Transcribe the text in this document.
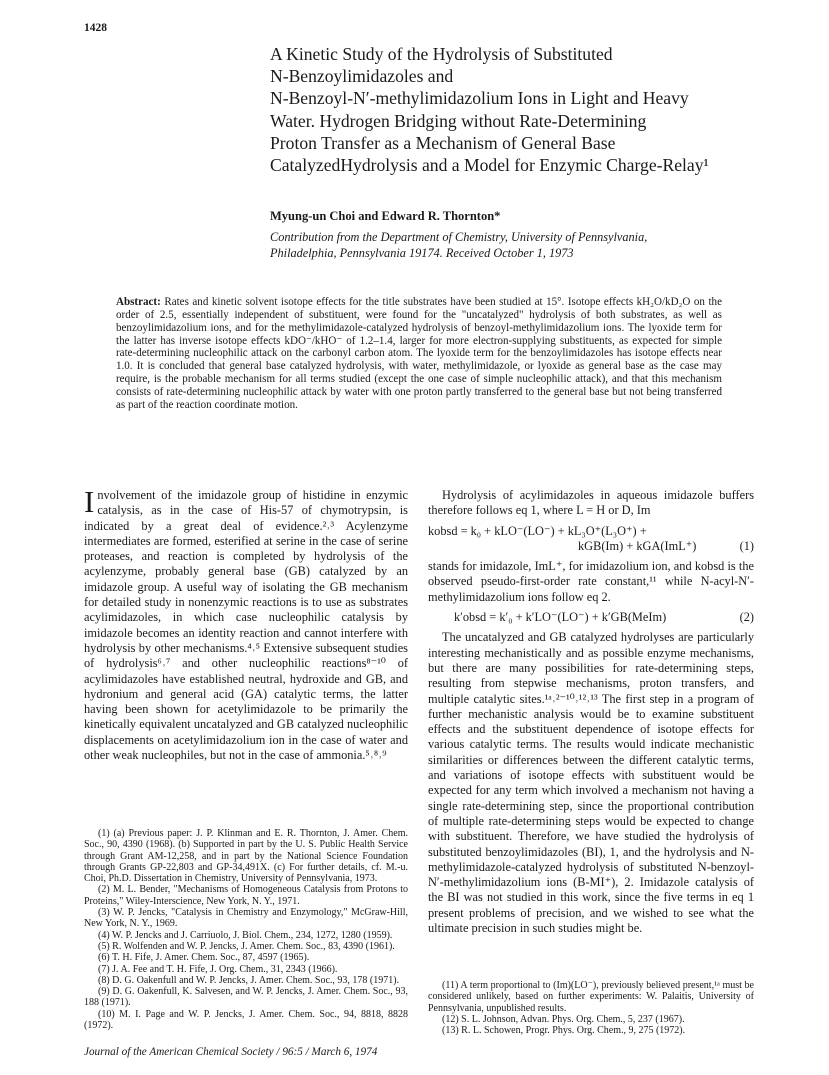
1428
A Kinetic Study of the Hydrolysis of Substituted
N-Benzoylimidazoles and
N-Benzoyl-N′-methylimidazolium Ions in Light and Heavy
Water. Hydrogen Bridging without Rate-Determining
Proton Transfer as a Mechanism of General Base
CatalyzedHydrolysis and a Model for Enzymic Charge-Relay¹
Myung-un Choi and Edward R. Thornton*
Contribution from the Department of Chemistry, University of Pennsylvania,
Philadelphia, Pennsylvania 19174. Received October 1, 1973
Abstract: Rates and kinetic solvent isotope effects for the title substrates have been studied at 15°. Isotope effects kH₂O/kD₂O on the order of 2.5, essentially independent of substituent, were found for the "uncatalyzed" hydrolysis of both substrates, as well as benzoylimidazolium ions, and for the methylimidazole-catalyzed hydrolysis of benzoyl-methylimidazolium ions. The lyoxide term for the latter has inverse isotope effects kDO⁻/kHO⁻ of 1.2–1.4, larger for more electron-supplying substituents, as expected for simple rate-determining nucleophilic attack on the carbonyl carbon atom. The lyoxide term for the benzoylimidazoles has isotope effects near 1.0. It is concluded that general base catalyzed hydrolysis, with water, methylimidazole, or lyoxide as general base as the case may require, is the probable mechanism for all terms studied (except the one case of simple nucleophilic attack), and that this mechanism consists of rate-determining nucleophilic attack by water with one proton partly transferred to the general base but not being transferred as part of the reaction coordinate motion.
I nvolvement of the imidazole group of histidine in enzymic catalysis, as in the case of His-57 of chymotrypsin, is indicated by a great deal of evidence.²˒³ Acylenzyme intermediates are formed, esterified at serine in the case of serine proteases, and reaction is completed by hydrolysis of the acylenzyme, probably general base (GB) catalyzed by an imidazole group. A useful way of isolating the GB mechanism for detailed study in nonenzymic reactions is to use as substrates acylimidazoles, in which case nucleophilic catalysis by imidazole becomes an identity reaction and cannot interfere with hydrolysis by other mechanisms.⁴˒⁵ Extensive subsequent studies of hydrolysis⁶˒⁷ and other nucleophilic reactions⁸⁻¹⁰ of acylimidazoles have established neutral, hydroxide and GB, and hydronium and general acid (GA) catalytic terms, the latter having been shown for acetylimidazole to be primarily the kinetically equivalent uncatalyzed and GB catalyzed nucleophilic displacements on acetylimidazolium ion in the case of water and other weak nucleophiles, but not in the case of ammonia.⁵˒⁸˒⁹

(1) (a) Previous paper: J. P. Klinman and E. R. Thornton, J. Amer. Chem. Soc., 90, 4390 (1968). (b) Supported in part by the U. S. Public Health Service through Grant AM-12,258, and in part by the National Science Foundation through Grants GP-22,803 and GP-34,491X. (c) For further details, cf. M.-u. Choi, Ph.D. Dissertation in Chemistry, University of Pennsylvania, 1973.

(2) M. L. Bender, "Mechanisms of Homogeneous Catalysis from Protons to Proteins," Wiley-Interscience, New York, N. Y., 1971.

(3) W. P. Jencks, "Catalysis in Chemistry and Enzymology," McGraw-Hill, New York, N. Y., 1969.

(4) W. P. Jencks and J. Carriuolo, J. Biol. Chem., 234, 1272, 1280 (1959).

(5) R. Wolfenden and W. P. Jencks, J. Amer. Chem. Soc., 83, 4390 (1961).

(6) T. H. Fife, J. Amer. Chem. Soc., 87, 4597 (1965).

(7) J. A. Fee and T. H. Fife, J. Org. Chem., 31, 2343 (1966).

(8) D. G. Oakenfull and W. P. Jencks, J. Amer. Chem. Soc., 93, 178 (1971).

(9) D. G. Oakenfull, K. Salvesen, and W. P. Jencks, J. Amer. Chem. Soc., 93, 188 (1971).

(10) M. I. Page and W. P. Jencks, J. Amer. Chem. Soc., 94, 8818, 8828 (1972).

Hydrolysis of acylimidazoles in aqueous imidazole buffers therefore follows eq 1, where L = H or D, Im

kobsd = k₀ + kLO⁻(LO⁻) + kL₃O⁺(L₃O⁺) +
kGB(Im) + kGA(ImL⁺)	(1)

stands for imidazole, ImL⁺, for imidazolium ion, and kobsd is the observed pseudo-first-order rate constant,¹¹ while N-acyl-N′-methylimidazolium ions follow eq 2.

k′obsd = k′₀ + k′LO⁻(LO⁻) + k′GB(MeIm)	(2)

The uncatalyzed and GB catalyzed hydrolyses are particularly interesting mechanistically and as possible enzyme mechanisms, but there are many possibilities for rate-determining steps, resulting from stepwise mechanisms, proton transfers, and multiple catalytic sites.¹ᵃ˒²⁻¹⁰˒¹²˒¹³ The first step in a program of further mechanistic analysis would be to examine substituent effects and the substituent dependence of isotope effects for various catalytic terms. The results would indicate mechanistic similarities or differences between the different catalytic terms, and variations of isotope effects with substituent would be expected for any term which involved a mechanism not having a single rate-determining step, since the proportional contribution of multiple rate-determining steps would be expected to change with substituent. Therefore, we have studied the hydrolysis of substituted benzoylimidazoles (BI), 1, and the hydrolysis and N-methylimidazole-catalyzed hydrolysis of substituted N-benzoyl-N′-methylimidazolium ions (B-MI⁺), 2. Imidazole catalysis of the BI was not studied in this work, since the five terms in eq 1 present problems of precision, and we wished to see what the ultimate precision in such studies might be.

(11) A term proportional to (Im)(LO⁻), previously believed present,¹ᵃ must be considered unlikely, based on further experiments: W. Palaitis, University of Pennsylvania, unpublished results.

(12) S. L. Johnson, Advan. Phys. Org. Chem., 5, 237 (1967).

(13) R. L. Schowen, Progr. Phys. Org. Chem., 9, 275 (1972).

Journal of the American Chemical Society / 96:5 / March 6, 1974
